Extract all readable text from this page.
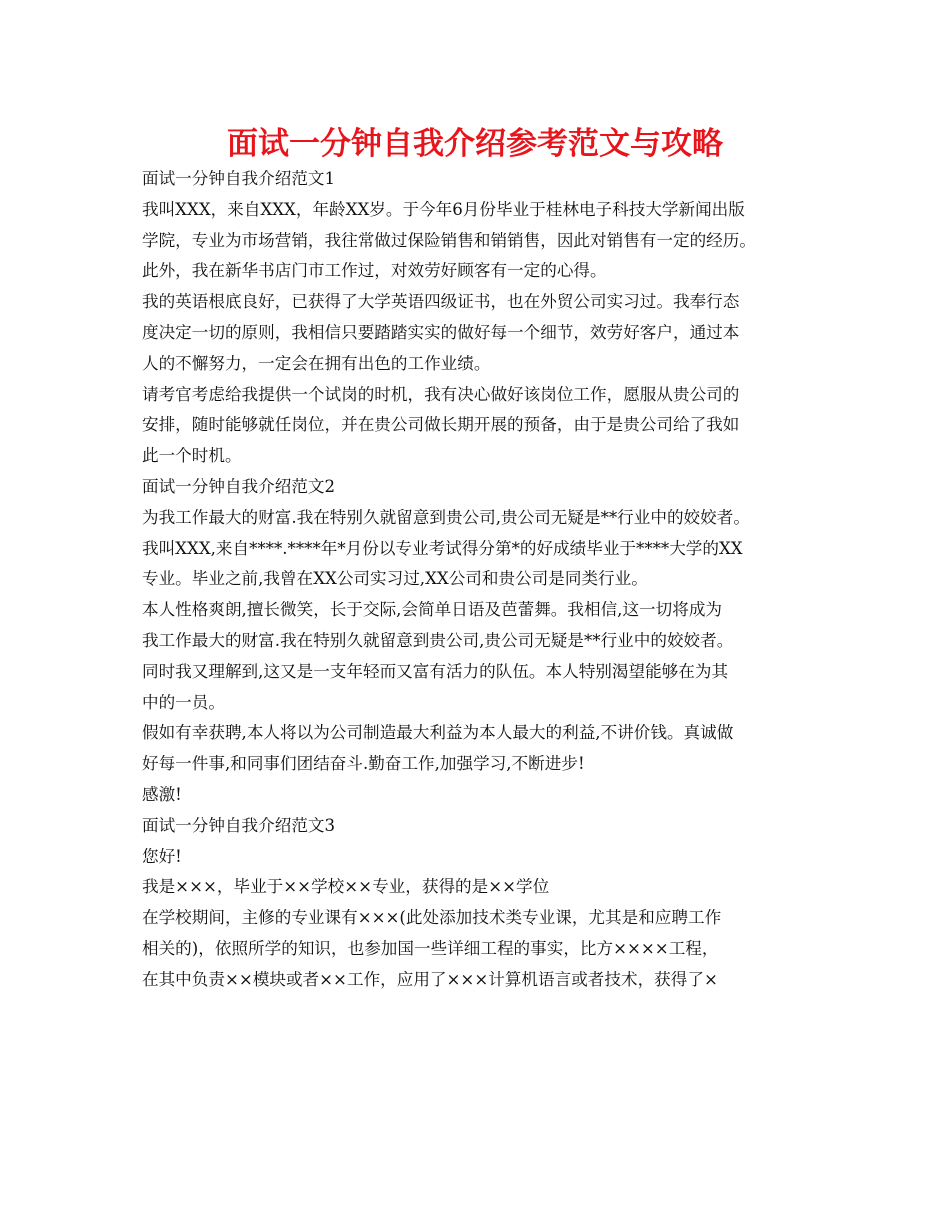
面试一分钟自我介绍参考范文与攻略

面试一分钟自我介绍范文1

我叫XXX，来自XXX，年龄XX岁。于今年6月份毕业于桂林电子科技大学新闻出版

学院，专业为市场营销，我往常做过保险销售和销销售，因此对销售有一定的经历。

此外，我在新华书店门市工作过，对效劳好顾客有一定的心得。

我的英语根底良好，已获得了大学英语四级证书，也在外贸公司实习过。我奉行态

度决定一切的原则，我相信只要踏踏实实的做好每一个细节，效劳好客户，通过本

人的不懈努力，一定会在拥有出色的工作业绩。

请考官考虑给我提供一个试岗的时机，我有决心做好该岗位工作，愿服从贵公司的

安排，随时能够就任岗位，并在贵公司做长期开展的预备，由于是贵公司给了我如

此一个时机。

面试一分钟自我介绍范文2

为我工作最大的财富.我在特别久就留意到贵公司,贵公司无疑是**行业中的姣姣者。

我叫XXX,来自****.****年*月份以专业考试得分第*的好成绩毕业于****大学的XX

专业。毕业之前,我曾在XX公司实习过,XX公司和贵公司是同类行业。

本人性格爽朗,擅长微笑，长于交际,会简单日语及芭蕾舞。我相信,这一切将成为

我工作最大的财富.我在特别久就留意到贵公司,贵公司无疑是**行业中的姣姣者。

同时我又理解到,这又是一支年轻而又富有活力的队伍。本人特别渴望能够在为其

中的一员。

假如有幸获聘,本人将以为公司制造最大利益为本人最大的利益,不讲价钱。真诚做

好每一件事,和同事们团结奋斗.勤奋工作,加强学习,不断进步!

感激!

面试一分钟自我介绍范文3

您好!

我是×××，毕业于××学校××专业，获得的是××学位

在学校期间，主修的专业课有×××(此处添加技术类专业课，尤其是和应聘工作

相关的)，依照所学的知识，也参加国一些详细工程的事实，比方××××工程，

在其中负责××模块或者××工作，应用了×××计算机语言或者技术，获得了×
